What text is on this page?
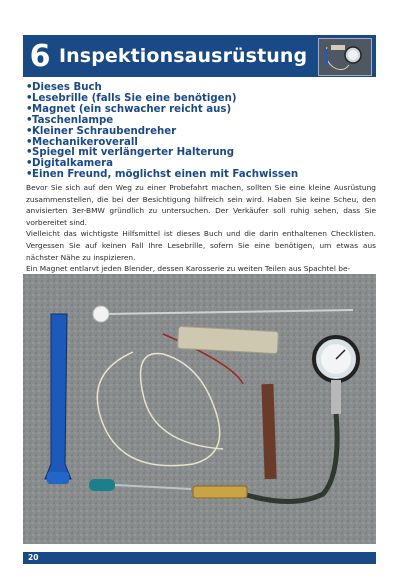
6 Inspektionsausrüstung
•Dieses Buch
•Lesebrille (falls Sie eine benötigen)
•Magnet (ein schwacher reicht aus)
•Taschenlampe
•Kleiner Schraubendreher
•Mechanikeroverall
•Spiegel mit verlängerter Halterung
•Digitalkamera
•Einen Freund, möglichst einen mit Fachwissen

Bevor Sie sich auf den Weg zu einer Probefahrt machen, sollten Sie eine kleine Ausrüstung zusammenstellen, die bei der Besichtigung hilfreich sein wird. Haben Sie keine Scheu, den anvisierten 3er-BMW gründlich zu untersuchen. Der Verkäufer soll ruhig sehen, dass Sie vorbereitet sind.

Vielleicht das wichtigste Hilfsmittel ist dieses Buch und die darin enthaltenen Checklisten. Vergessen Sie auf keinen Fall Ihre Lesebrille, sofern Sie eine benötigen, um etwas aus nächster Nähe zu inspizieren.

Ein Magnet entlarvt jeden Blender, dessen Karosserie zu weiten Teilen aus Spachtel be-

20
